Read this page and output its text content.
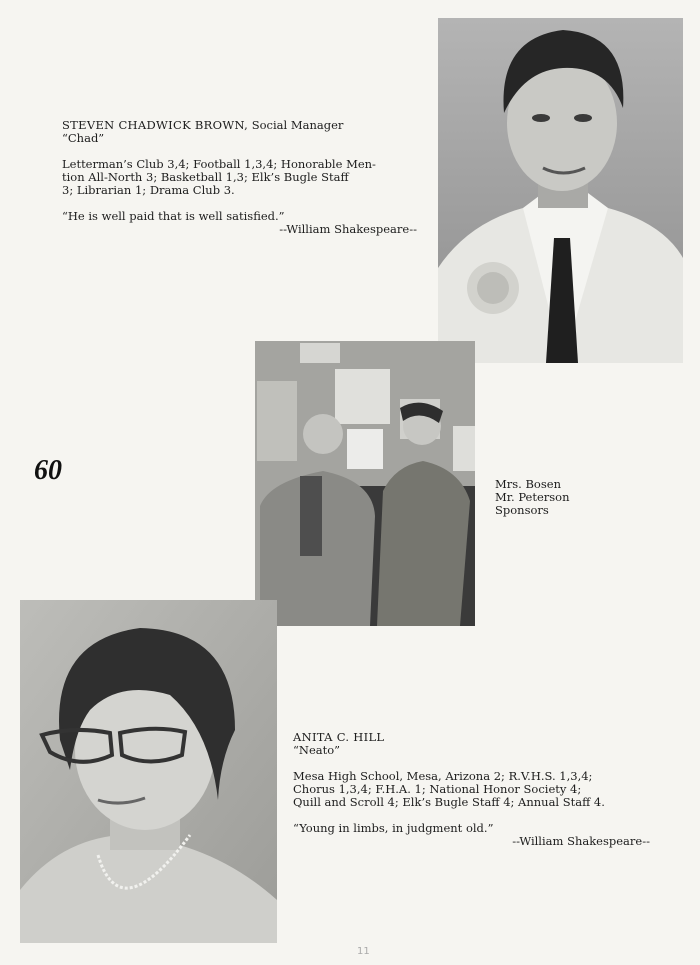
STEVEN CHADWICK BROWN, Social Manager

“Chad”

Letterman’s Club 3,4; Football 1,3,4; Honorable Men-

tion All-North 3; Basketball 1,3; Elk’s Bugle Staff

3; Librarian 1; Drama Club 3.

“He is well paid that is well satisfied.”

--William Shakespeare--

Mrs. Bosen

Mr. Peterson

Sponsors

60

ANITA C. HILL

“Neato”

Mesa High School, Mesa, Arizona 2; R.V.H.S. 1,3,4;

Chorus 1,3,4; F.H.A. 1; National Honor Society 4;

Quill and Scroll 4; Elk’s Bugle Staff 4; Annual Staff 4.

“Young in limbs, in judgment old.”

--William Shakespeare--

11
